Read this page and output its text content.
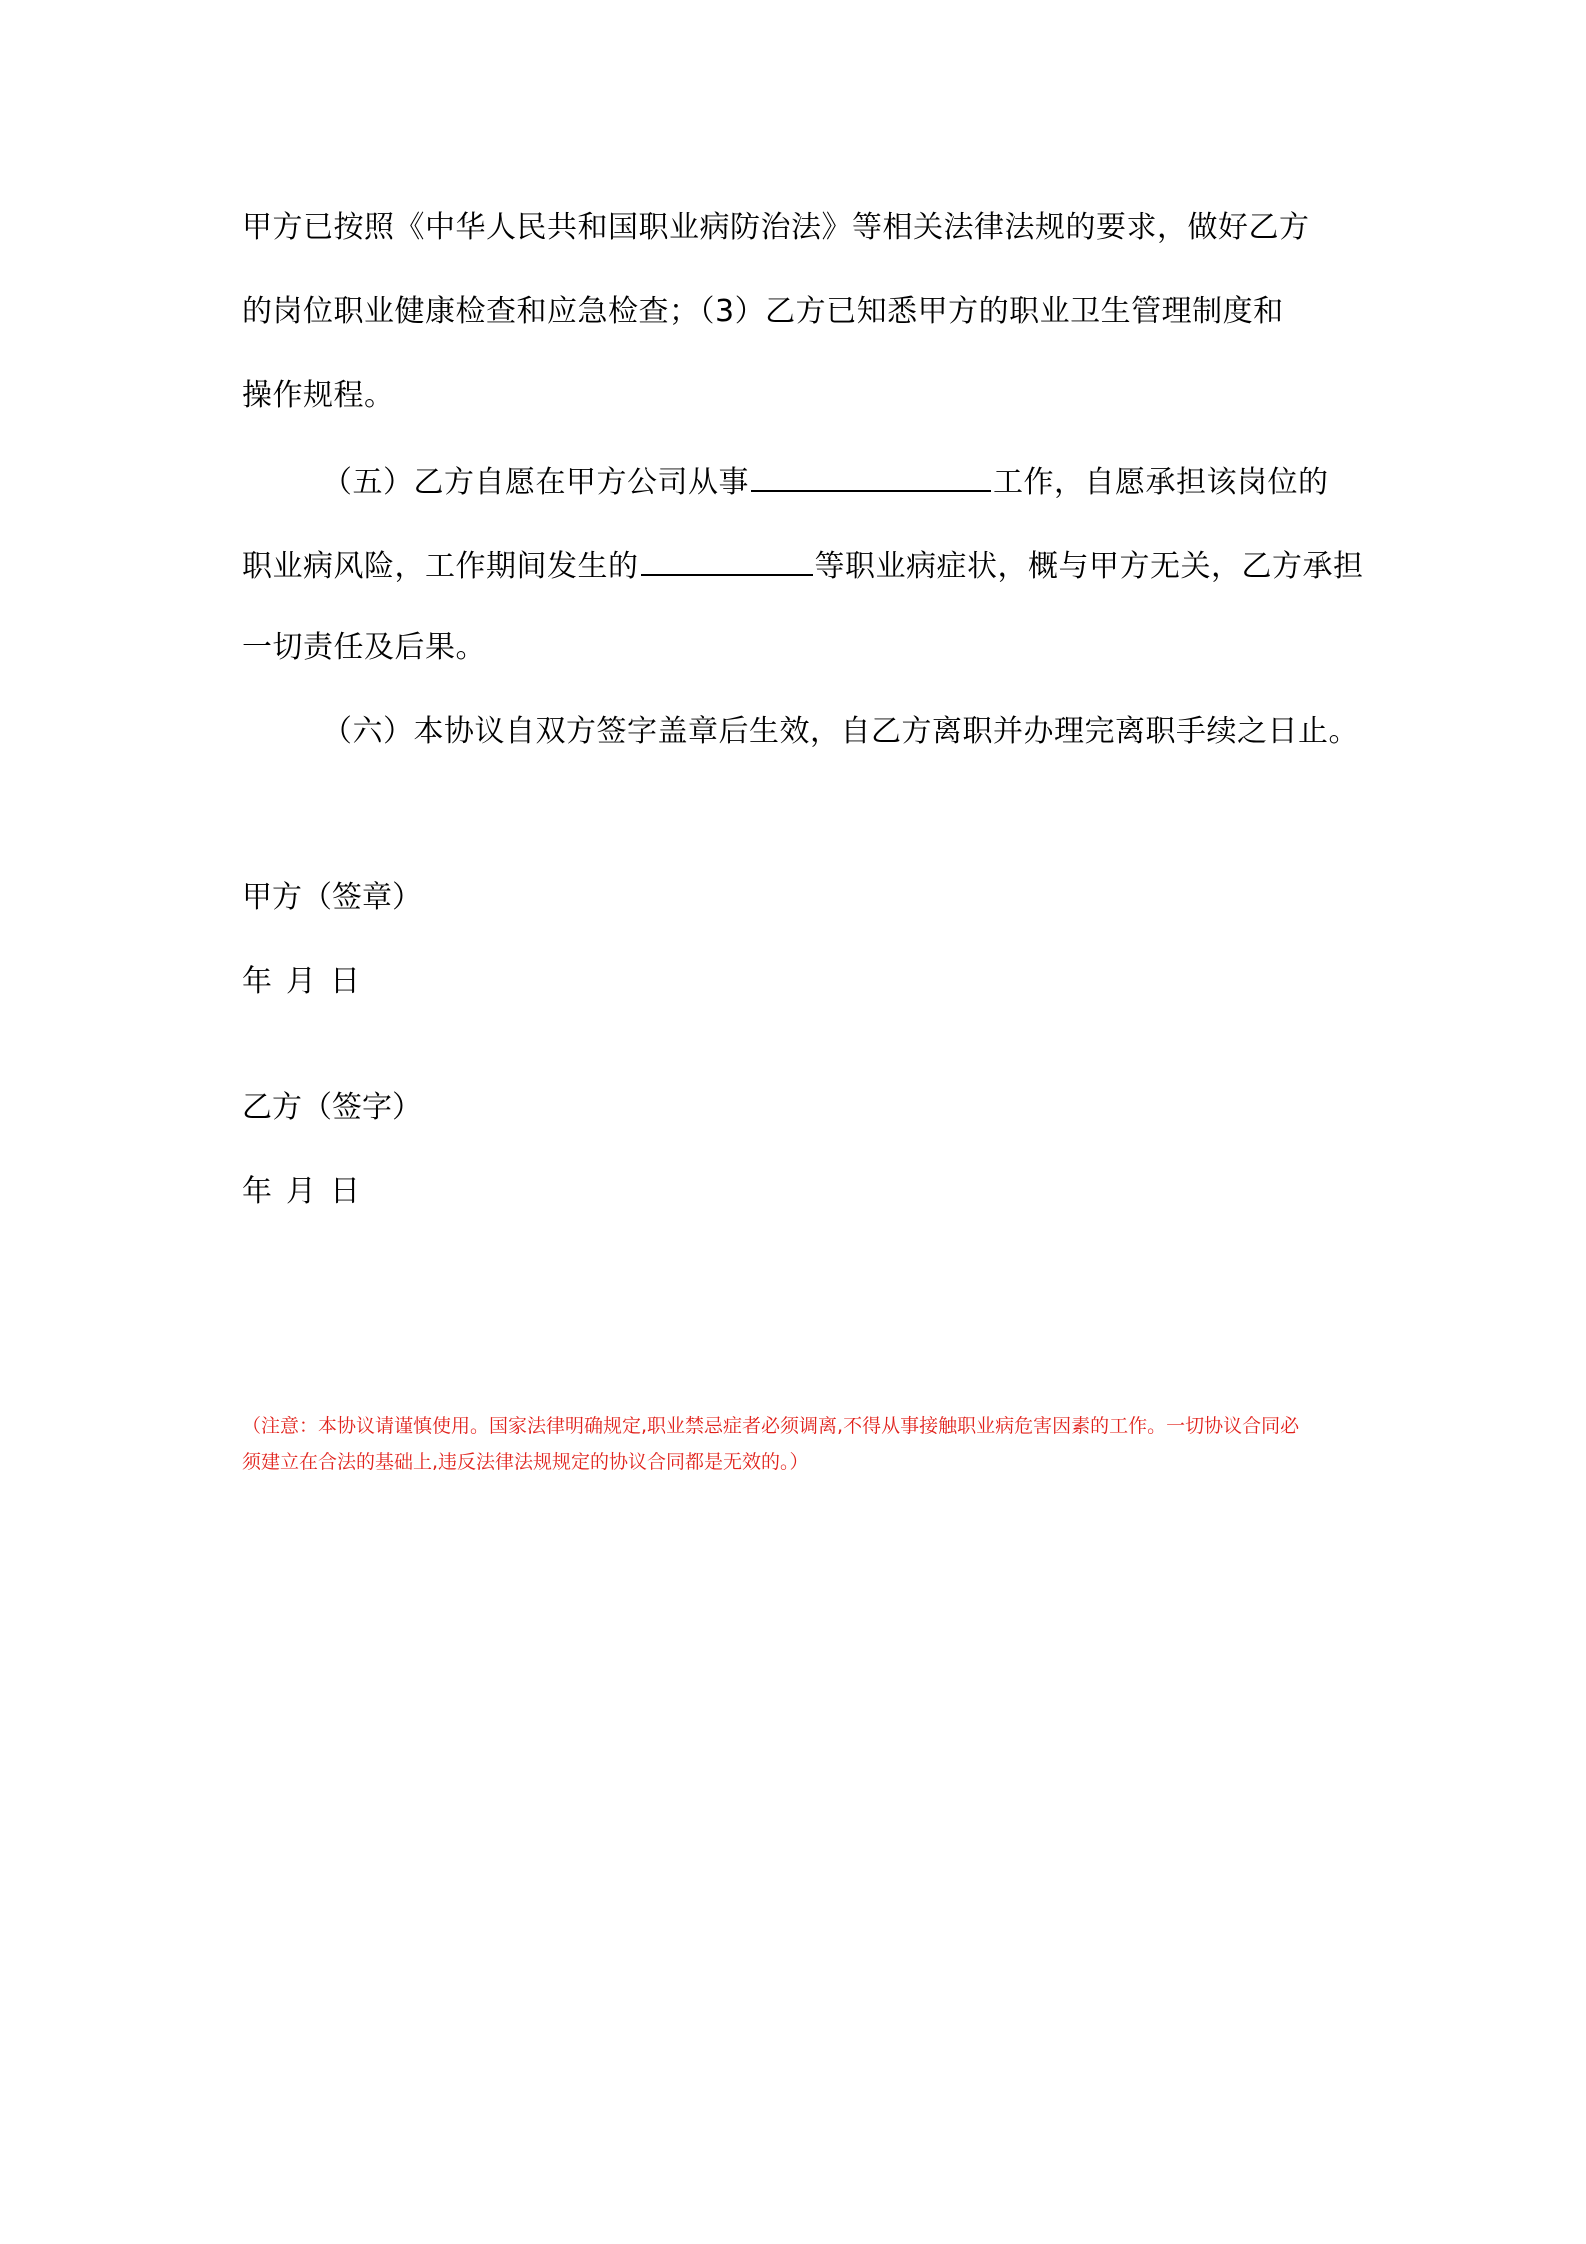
甲方已按照《中华人民共和国职业病防治法》等相关法律法规的要求，做好乙方
的岗位职业健康检查和应急检查；（3）乙方已知悉甲方的职业卫生管理制度和
操作规程。
（五）乙方自愿在甲方公司从事	工作，自愿承担该岗位的
职业病风险，工作期间发生的	等职业病症状，概与甲方无关，乙方承担
一切责任及后果。
（六）本协议自双方签字盖章后生效，自乙方离职并办理完离职手续之日止。
甲方（签章）
年 月 日
乙方（签字）
年 月 日
（注意：本协议请谨慎使用。国家法律明确规定,职业禁忌症者必须调离,不得从事接触职业病危害因素的工作。一切协议合同必
须建立在合法的基础上,违反法律法规规定的协议合同都是无效的。）
